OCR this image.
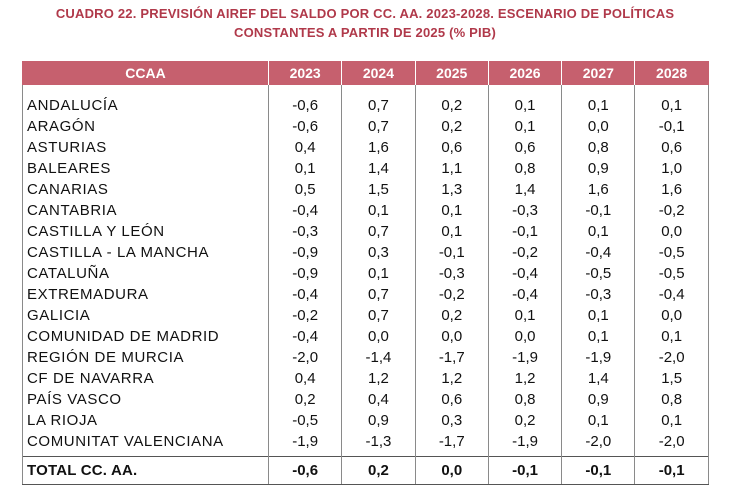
CUADRO 22. PREVISIÓN AIREF DEL SALDO POR CC. AA. 2023-2028. ESCENARIO DE POLÍTICAS
CONSTANTES A PARTIR DE 2025 (% PIB)
CCAA	2023	2024	2025	2026	2027	2028

ANDALUCÍA	-0,6	0,7	0,2	0,1	0,1	0,1
ARAGÓN	-0,6	0,7	0,2	0,1	0,0	-0,1
ASTURIAS	0,4	1,6	0,6	0,6	0,8	0,6
BALEARES	0,1	1,4	1,1	0,8	0,9	1,0
CANARIAS	0,5	1,5	1,3	1,4	1,6	1,6
CANTABRIA	-0,4	0,1	0,1	-0,3	-0,1	-0,2
CASTILLA Y LEÓN	-0,3	0,7	0,1	-0,1	0,1	0,0
CASTILLA - LA MANCHA	-0,9	0,3	-0,1	-0,2	-0,4	-0,5
CATALUÑA	-0,9	0,1	-0,3	-0,4	-0,5	-0,5
EXTREMADURA	-0,4	0,7	-0,2	-0,4	-0,3	-0,4
GALICIA	-0,2	0,7	0,2	0,1	0,1	0,0
COMUNIDAD DE MADRID	-0,4	0,0	0,0	0,0	0,1	0,1
REGIÓN DE MURCIA	-2,0	-1,4	-1,7	-1,9	-1,9	-2,0
CF DE NAVARRA	0,4	1,2	1,2	1,2	1,4	1,5
PAÍS VASCO	0,2	0,4	0,6	0,8	0,9	0,8
LA RIOJA	-0,5	0,9	0,3	0,2	0,1	0,1
COMUNITAT VALENCIANA	-1,9	-1,3	-1,7	-1,9	-2,0	-2,0
TOTAL CC. AA.	-0,6	0,2	0,0	-0,1	-0,1	-0,1
